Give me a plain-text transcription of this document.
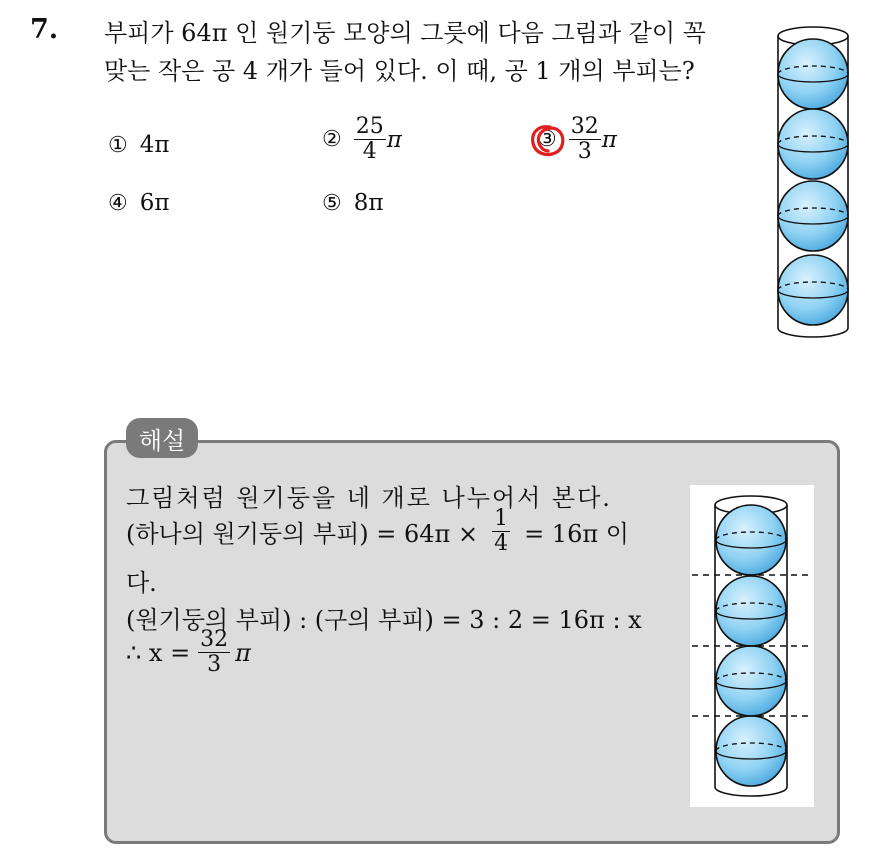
7. 부피가 64π 인 원기둥 모양의 그릇에 다음 그림과 같이 꼭
맞는 작은 공 4 개가 들어 있다. 이 때, 공 1 개의 부피는?
① 4π	② $\frac{25}{4}$ π	③ $\frac{32}{3}$ π
④ 6π	⑤ 8π
해설
그림처럼 원기둥을 네 개로 나누어서 본다.
(하나의 원기둥의 부피) = $64\pi \times \frac{1}{4} = 16\pi$ 이
다.
(원기둥의 부피) : (구의 부피) = 3 : 2 = 16π : x
∴ $x = \frac{32}{3}$ π
